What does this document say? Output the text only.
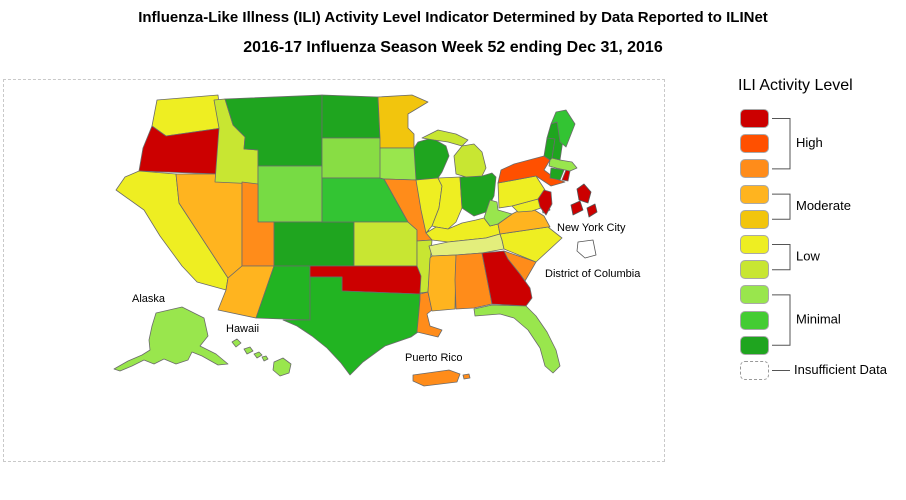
Influenza-Like Illness (ILI) Activity Level Indicator Determined by Data Reported to ILINet
2016-17 Influenza Season Week 52 ending Dec 31, 2016
Alaska
Hawaii
Puerto Rico
New York City
District of Columbia
ILI Activity Level
High
Moderate
Low
Minimal
Insufficient Data
